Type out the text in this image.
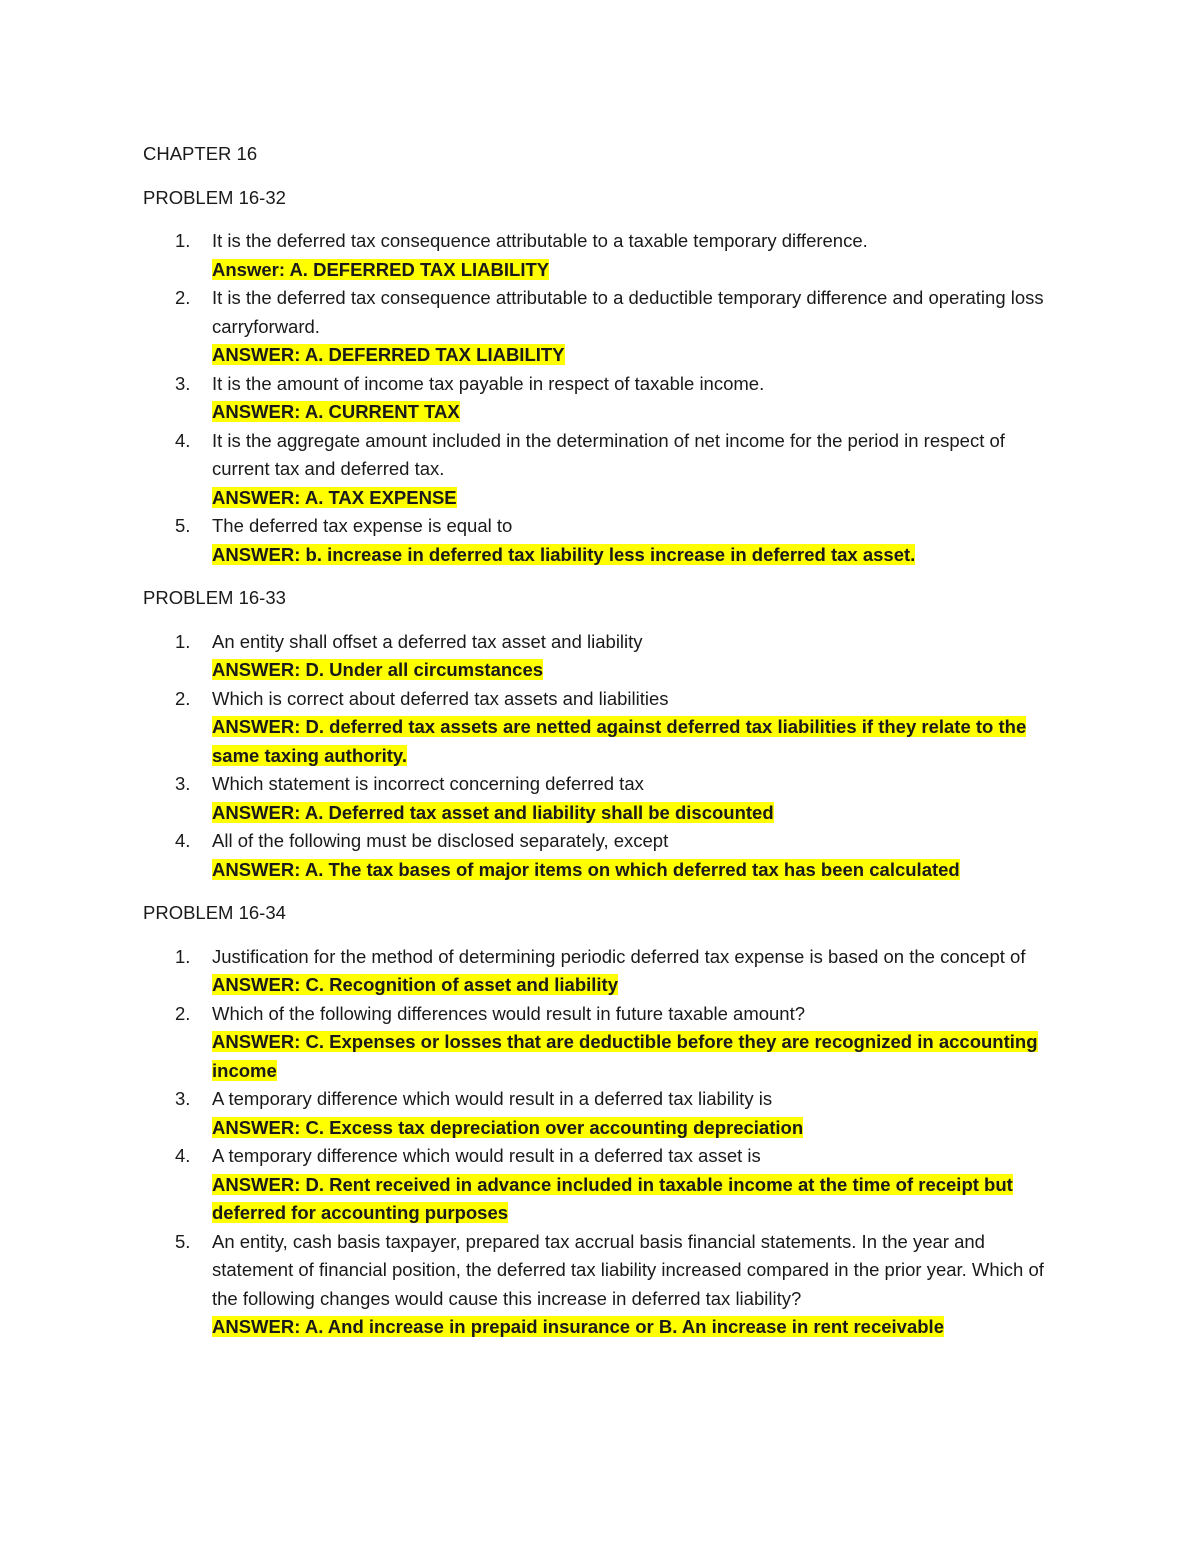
CHAPTER 16
PROBLEM 16-32
1. It is the deferred tax consequence attributable to a taxable temporary difference.
Answer: A. DEFERRED TAX LIABILITY
2. It is the deferred tax consequence attributable to a deductible temporary difference and operating loss carryforward.
ANSWER: A. DEFERRED TAX LIABILITY
3. It is the amount of income tax payable in respect of taxable income.
ANSWER: A. CURRENT TAX
4. It is the aggregate amount included in the determination of net income for the period in respect of current tax and deferred tax.
ANSWER: A. TAX EXPENSE
5. The deferred tax expense is equal to
ANSWER: b. increase in deferred tax liability less increase in deferred tax asset.
PROBLEM 16-33
1. An entity shall offset a deferred tax asset and liability
ANSWER: D. Under all circumstances
2. Which is correct about deferred tax assets and liabilities
ANSWER: D. deferred tax assets are netted against deferred tax liabilities if they relate to the same taxing authority.
3. Which statement is incorrect concerning deferred tax
ANSWER: A. Deferred tax asset and liability shall be discounted
4. All of the following must be disclosed separately, except
ANSWER: A. The tax bases of major items on which deferred tax has been calculated
PROBLEM 16-34
1. Justification for the method of determining periodic deferred tax expense is based on the concept of
ANSWER: C. Recognition of asset and liability
2. Which of the following differences would result in future taxable amount?
ANSWER: C. Expenses or losses that are deductible before they are recognized in accounting income
3. A temporary difference which would result in a deferred tax liability is
ANSWER: C. Excess tax depreciation over accounting depreciation
4. A temporary difference which would result in a deferred tax asset is
ANSWER: D. Rent received in advance included in taxable income at the time of receipt but deferred for accounting purposes
5. An entity, cash basis taxpayer, prepared tax accrual basis financial statements. In the year and statement of financial position, the deferred tax liability increased compared in the prior year. Which of the following changes would cause this increase in deferred tax liability?
ANSWER: A. And increase in prepaid insurance or B. An increase in rent receivable
